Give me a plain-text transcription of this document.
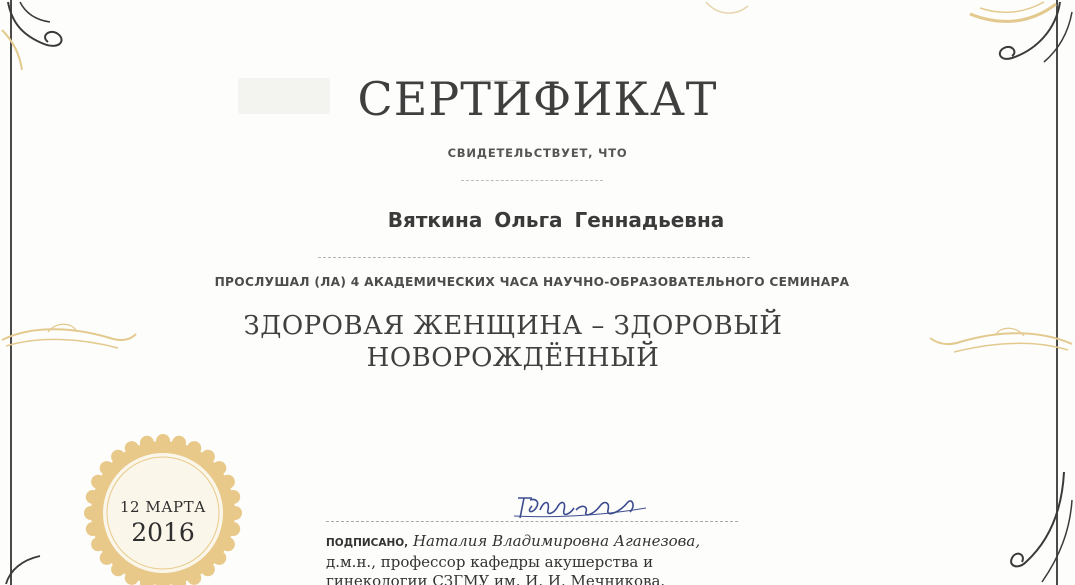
СЕРТИФИКАТ
СВИДЕТЕЛЬСТВУЕТ, ЧТО
Вяткина Ольга Геннадьевна
ПРОСЛУШАЛ (ЛА) 4 АКАДЕМИЧЕСКИХ ЧАСА НАУЧНО-ОБРАЗОВАТЕЛЬНОГО СЕМИНАРА
ЗДОРОВАЯ ЖЕНЩИНА – ЗДОРОВЫЙ
НОВОРОЖДЁННЫЙ
12 МАРТА
2016	ПОДПИСАНО, Наталия Владимировна Аганезова,
д.м.н., профессор кафедры акушерства и
гинекологии СЗГМУ им. И. И. Мечникова.
